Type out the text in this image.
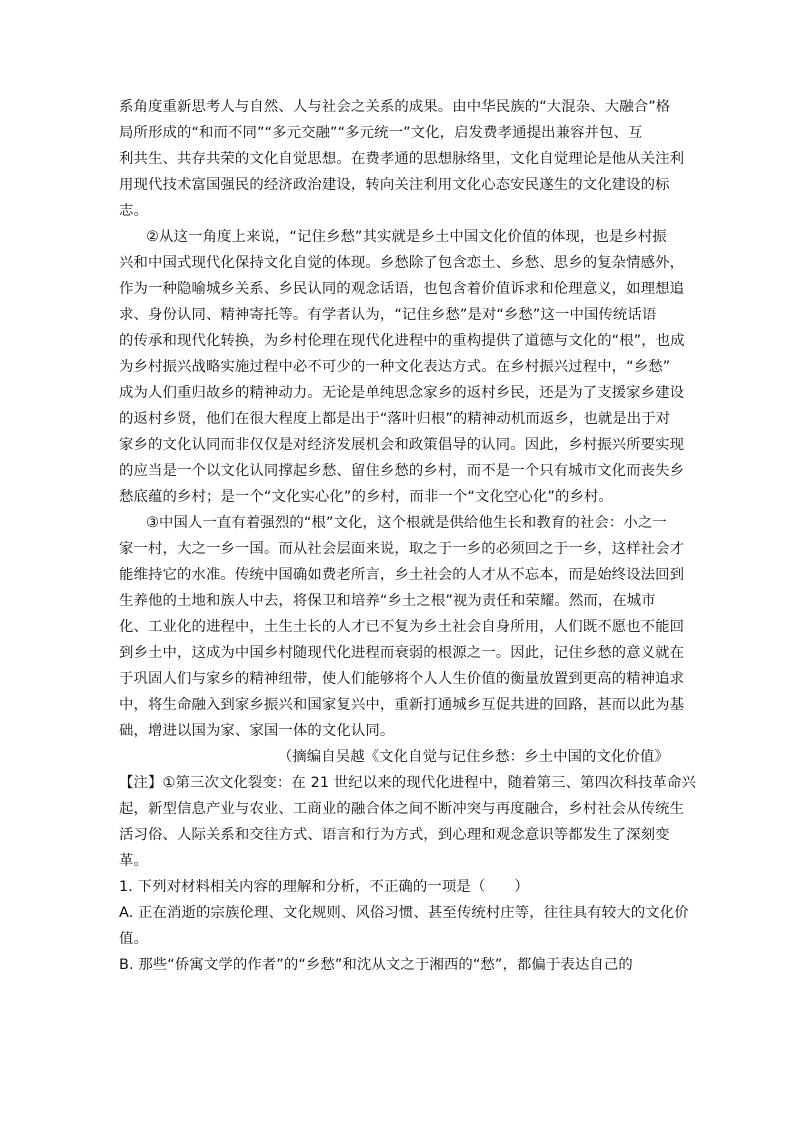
系角度重新思考人与自然、人与社会之关系的成果。由中华民族的“大混杂、大融合”格
局所形成的“和而不同”“多元交融”“多元统一”文化，启发费孝通提出兼容并包、互
利共生、共存共荣的文化自觉思想。在费孝通的思想脉络里，文化自觉理论是他从关注利
用现代技术富国强民的经济政治建设，转向关注利用文化心态安民遂生的文化建设的标
志。
②从这一角度上来说，“记住乡愁”其实就是乡土中国文化价值的体现，也是乡村振
兴和中国式现代化保持文化自觉的体现。乡愁除了包含恋土、乡愁、思乡的复杂情感外，
作为一种隐喻城乡关系、乡民认同的观念话语，也包含着价值诉求和伦理意义，如理想追
求、身份认同、精神寄托等。有学者认为，“记住乡愁”是对“乡愁”这一中国传统话语
的传承和现代化转换，为乡村伦理在现代化进程中的重构提供了道德与文化的“根”，也成
为乡村振兴战略实施过程中必不可少的一种文化表达方式。在乡村振兴过程中，“乡愁”
成为人们重归故乡的精神动力。无论是单纯思念家乡的返村乡民，还是为了支援家乡建设
的返村乡贤，他们在很大程度上都是出于“落叶归根”的精神动机而返乡，也就是出于对
家乡的文化认同而非仅仅是对经济发展机会和政策倡导的认同。因此，乡村振兴所要实现
的应当是一个以文化认同撑起乡愁、留住乡愁的乡村，而不是一个只有城市文化而丧失乡
愁底蕴的乡村；是一个“文化实心化”的乡村，而非一个“文化空心化”的乡村。
③中国人一直有着强烈的“根”文化，这个根就是供给他生长和教育的社会：小之一
家一村，大之一乡一国。而从社会层面来说，取之于一乡的必须回之于一乡，这样社会才
能维持它的水准。传统中国确如费老所言，乡土社会的人才从不忘本，而是始终设法回到
生养他的土地和族人中去，将保卫和培养“乡土之根”视为责任和荣耀。然而，在城市
化、工业化的进程中，土生土长的人才已不复为乡土社会自身所用，人们既不愿也不能回
到乡土中，这成为中国乡村随现代化进程而衰弱的根源之一。因此，记住乡愁的意义就在
于巩固人们与家乡的精神纽带，使人们能够将个人人生价值的衡量放置到更高的精神追求
中，将生命融入到家乡振兴和国家复兴中，重新打通城乡互促共进的回路，甚而以此为基
础，增进以国为家、家国一体的文化认同。
（摘编自吴越《文化自觉与记住乡愁：乡土中国的文化价值》
【注】①第三次文化裂变：在 21 世纪以来的现代化进程中，随着第三、第四次科技革命兴
起，新型信息产业与农业、工商业的融合体之间不断冲突与再度融合，乡村社会从传统生
活习俗、人际关系和交往方式、语言和行为方式，到心理和观念意识等都发生了深刻变
革。
1. 下列对材料相关内容的理解和分析，不正确的一项是（　　）
A. 正在消逝的宗族伦理、文化规则、风俗习惯、甚至传统村庄等，往往具有较大的文化价
值。
B. 那些“侨寓文学的作者”的“乡愁”和沈从文之于湘西的“愁”，都偏于表达自己的
